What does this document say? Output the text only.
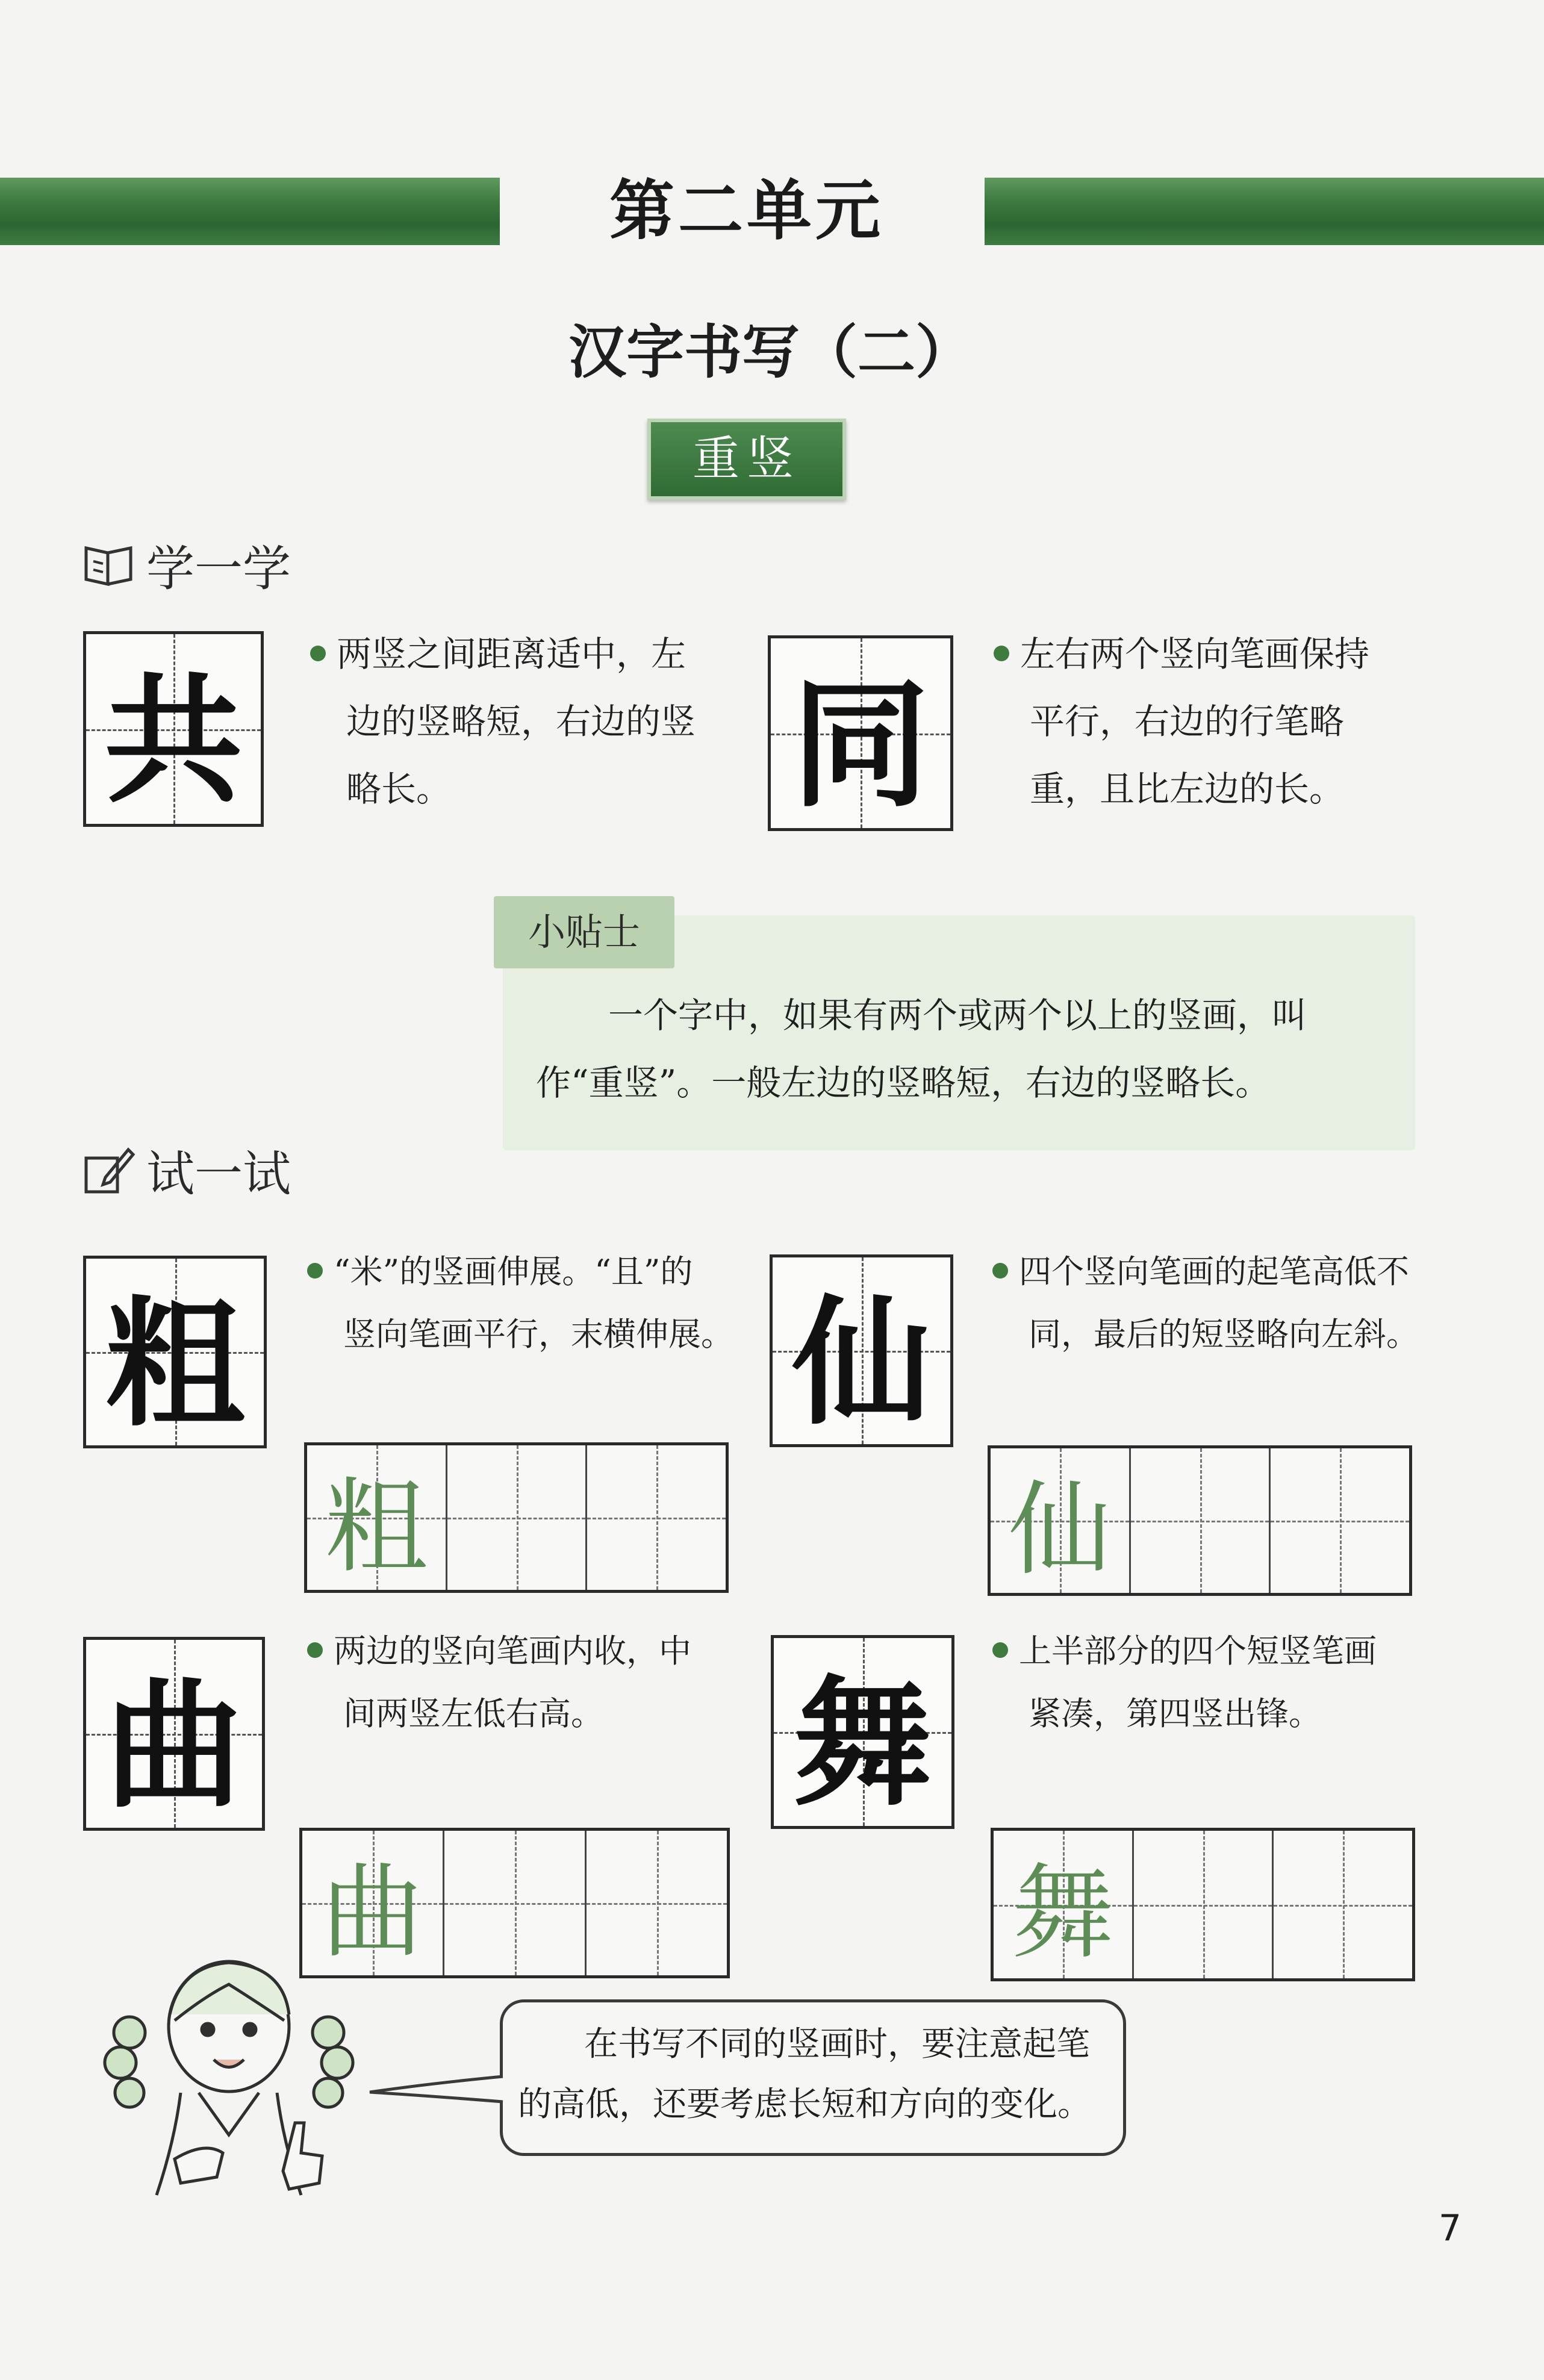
第二单元
汉字书写（二）
重竖
学一学
共
两竖之间距离适中，左
边的竖略短，右边的竖
略长。	同
左右两个竖向笔画保持
平行，右边的行笔略
重，且比左边的长。
小贴士
一个字中，如果有两个或两个以上的竖画，叫
作“重竖”。一般左边的竖略短，右边的竖略长。
试一试
粗
“米”的竖画伸展。“且”的
竖向笔画平行，末横伸展。
粗
仙
四个竖向笔画的起笔高低不
同，最后的短竖略向左斜。
仙
曲
两边的竖向笔画内收，中
间两竖左低右高。
曲
舞
上半部分的四个短竖笔画
紧凑，第四竖出锋。
舞
在书写不同的竖画时，要注意起笔
的高低，还要考虑长短和方向的变化。
7
